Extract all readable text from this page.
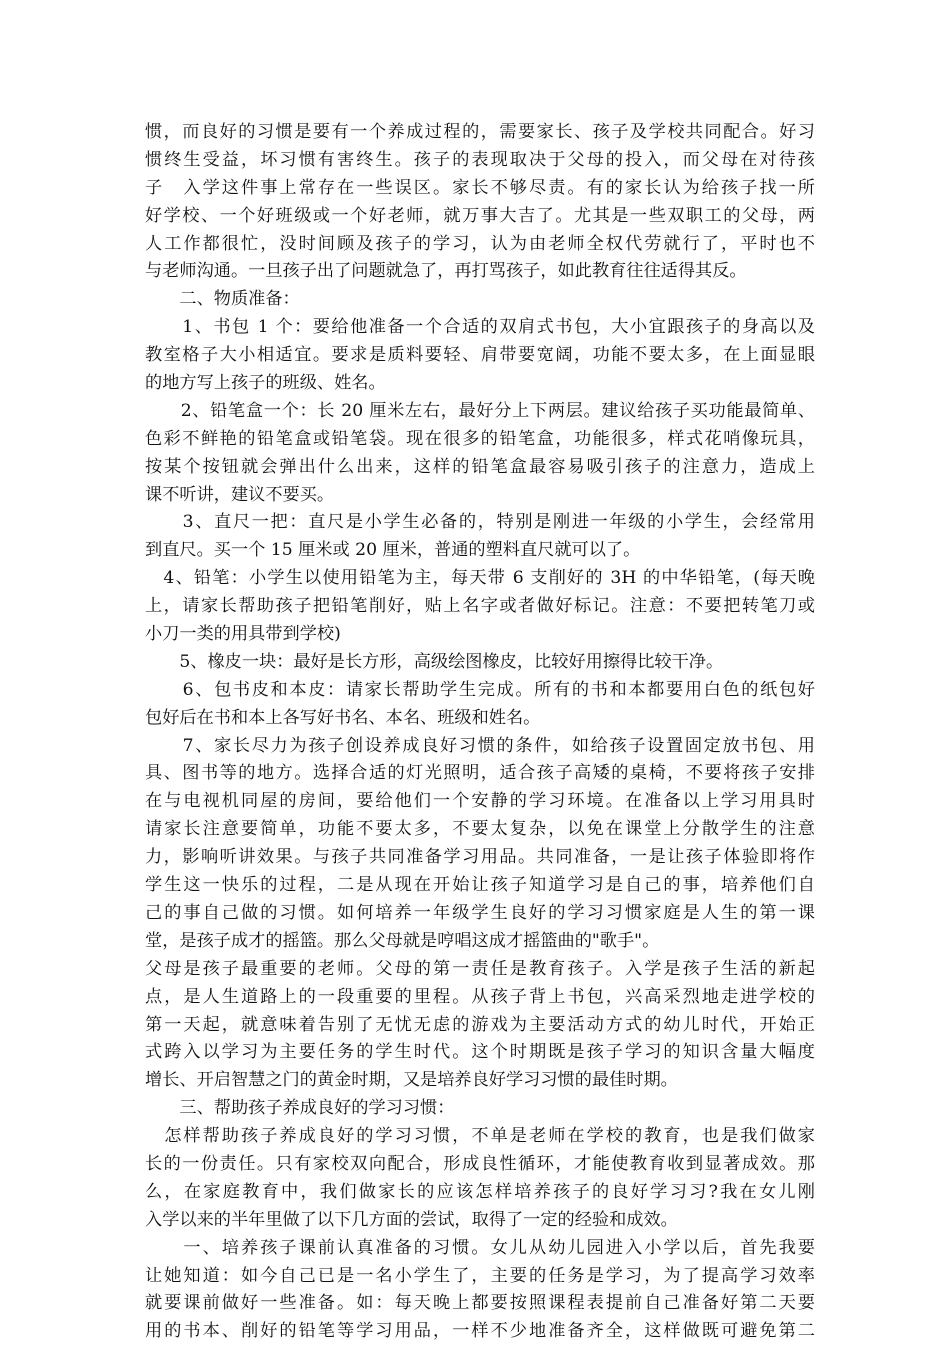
惯，而良好的习惯是要有一个养成过程的，需要家长、孩子及学校共同配合。好习
惯终生受益，坏习惯有害终生。孩子的表现取决于父母的投入，而父母在对待孩
子　入学这件事上常存在一些误区。家长不够尽责。有的家长认为给孩子找一所
好学校、一个好班级或一个好老师，就万事大吉了。尤其是一些双职工的父母，两
人工作都很忙，没时间顾及孩子的学习，认为由老师全权代劳就行了，平时也不
与老师沟通。一旦孩子出了问题就急了，再打骂孩子，如此教育往往适得其反。
　　二、物质准备：
　　1、书包 1 个：要给他准备一个合适的双肩式书包，大小宜跟孩子的身高以及
教室格子大小相适宜。要求是质料要轻、肩带要宽阔，功能不要太多，在上面显眼
的地方写上孩子的班级、姓名。
　　2、铅笔盒一个：长 20 厘米左右，最好分上下两层。建议给孩子买功能最简单、
色彩不鲜艳的铅笔盒或铅笔袋。现在很多的铅笔盒，功能很多，样式花哨像玩具，
按某个按钮就会弹出什么出来，这样的铅笔盒最容易吸引孩子的注意力，造成上
课不听讲，建议不要买。
　　3、直尺一把：直尺是小学生必备的，特别是刚进一年级的小学生，会经常用
到直尺。买一个 15 厘米或 20 厘米，普通的塑料直尺就可以了。
　4、铅笔：小学生以使用铅笔为主，每天带 6 支削好的 3H 的中华铅笔，(每天晚
上，请家长帮助孩子把铅笔削好，贴上名字或者做好标记。注意：不要把转笔刀或
小刀一类的用具带到学校)
　　5、橡皮一块：最好是长方形，高级绘图橡皮，比较好用擦得比较干净。
　　6、包书皮和本皮：请家长帮助学生完成。所有的书和本都要用白色的纸包好
包好后在书和本上各写好书名、本名、班级和姓名。
　　7、家长尽力为孩子创设养成良好习惯的条件，如给孩子设置固定放书包、用
具、图书等的地方。选择合适的灯光照明，适合孩子高矮的桌椅，不要将孩子安排
在与电视机同屋的房间，要给他们一个安静的学习环境。在准备以上学习用具时
请家长注意要简单，功能不要太多，不要太复杂，以免在课堂上分散学生的注意
力，影响听讲效果。与孩子共同准备学习用品。共同准备，一是让孩子体验即将作
学生这一快乐的过程，二是从现在开始让孩子知道学习是自己的事，培养他们自
己的事自己做的习惯。如何培养一年级学生良好的学习习惯家庭是人生的第一课
堂，是孩子成才的摇篮。那么父母就是哼唱这成才摇篮曲的"歌手"。
父母是孩子最重要的老师。父母的第一责任是教育孩子。入学是孩子生活的新起
点，是人生道路上的一段重要的里程。从孩子背上书包，兴高采烈地走进学校的
第一天起，就意味着告别了无忧无虑的游戏为主要活动方式的幼儿时代，开始正
式跨入以学习为主要任务的学生时代。这个时期既是孩子学习的知识含量大幅度
增长、开启智慧之门的黄金时期，又是培养良好学习习惯的最佳时期。
　　三、帮助孩子养成良好的学习习惯：
　怎样帮助孩子养成良好的学习习惯，不单是老师在学校的教育，也是我们做家
长的一份责任。只有家校双向配合，形成良性循环，才能使教育收到显著成效。那
么，在家庭教育中，我们做家长的应该怎样培养孩子的良好学习习?我在女儿刚
入学以来的半年里做了以下几方面的尝试，取得了一定的经验和成效。
　　一、培养孩子课前认真准备的习惯。女儿从幼儿园进入小学以后，首先我要
让她知道：如今自己已是一名小学生了，主要的任务是学习，为了提高学习效率
就要课前做好一些准备。如：每天晚上都要按照课程表提前自己准备好第二天要
用的书本、削好的铅笔等学习用品，一样不少地准备齐全，这样做既可避免第二
